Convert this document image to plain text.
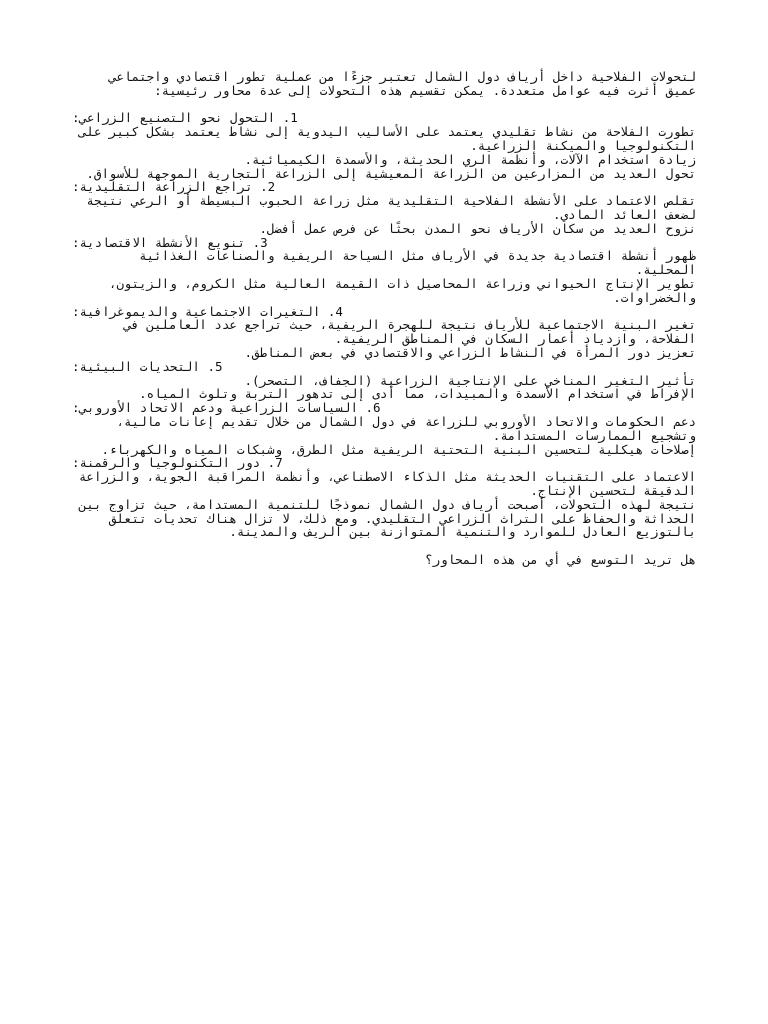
لتحولات الفلاحية داخل أرياف دول الشمال تعتبر جزءًا من عملية تطور اقتصادي واجتماعي عميق أثرت فيه عوامل متعددة. يمكن تقسيم هذه التحولات إلى عدة محاور رئيسية:
1. التحول نحو التصنيع الزراعي:
تطورت الفلاحة من نشاط تقليدي يعتمد على الأساليب اليدوية إلى نشاط يعتمد بشكل كبير على التكنولوجيا والميكنة الزراعية.
زيادة استخدام الآلات، وأنظمة الري الحديثة، والأسمدة الكيميائية.
تحول العديد من المزارعين من الزراعة المعيشية إلى الزراعة التجارية الموجهة للأسواق.
2. تراجع الزراعة التقليدية:
تقلص الاعتماد على الأنشطة الفلاحية التقليدية مثل زراعة الحبوب البسيطة أو الرعي نتيجة لضعف العائد المادي.
نزوح العديد من سكان الأرياف نحو المدن بحثًا عن فرص عمل أفضل.
3. تنويع الأنشطة الاقتصادية:
ظهور أنشطة اقتصادية جديدة في الأرياف مثل السياحة الريفية والصناعات الغذائية المحلية.
تطوير الإنتاج الحيواني وزراعة المحاصيل ذات القيمة العالية مثل الكروم، والزيتون، والخضراوات.
4. التغيرات الاجتماعية والديموغرافية:
تغير البنية الاجتماعية للأرياف نتيجة للهجرة الريفية، حيث تراجع عدد العاملين في الفلاحة، وازدياد أعمار السكان في المناطق الريفية.
تعزيز دور المرأة في النشاط الزراعي والاقتصادي في بعض المناطق.
5. التحديات البيئية:
تأثير التغير المناخي على الإنتاجية الزراعية (الجفاف، التصحر).
الإفراط في استخدام الأسمدة والمبيدات، مما أدى إلى تدهور التربة وتلوث المياه.
6. السياسات الزراعية ودعم الاتحاد الأوروبي:
دعم الحكومات والاتحاد الأوروبي للزراعة في دول الشمال من خلال تقديم إعانات مالية، وتشجيع الممارسات المستدامة.
إصلاحات هيكلية لتحسين البنية التحتية الريفية مثل الطرق، وشبكات المياه والكهرباء.
7. دور التكنولوجيا والرقمنة:
الاعتماد على التقنيات الحديثة مثل الذكاء الاصطناعي، وأنظمة المراقبة الجوية، والزراعة الدقيقة لتحسين الإنتاج.
نتيجة لهذه التحولات، أصبحت أرياف دول الشمال نموذجًا للتنمية المستدامة، حيث تزاوج بين الحداثة والحفاظ على التراث الزراعي التقليدي. ومع ذلك، لا تزال هناك تحديات تتعلق بالتوزيع العادل للموارد والتنمية المتوازنة بين الريف والمدينة.
هل تريد التوسع في أي من هذه المحاور؟
